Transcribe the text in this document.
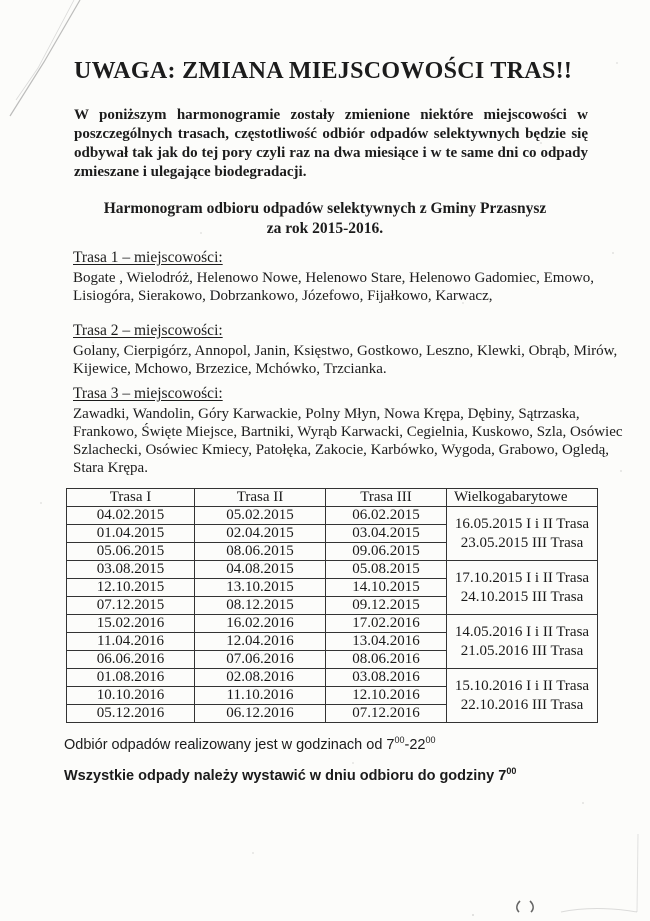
UWAGA: ZMIANA MIEJSCOWOŚCI TRAS!!
W poniższym harmonogramie zostały zmienione niektóre miejscowości w poszczególnych trasach, częstotliwość odbiór odpadów selektywnych będzie się odbywał tak jak do tej pory czyli raz na dwa miesiące i w te same dni co odpady zmieszane i ulegające biodegradacji.
Harmonogram odbioru odpadów selektywnych z Gminy Przasnysz
za rok 2015-2016.
Trasa 1 – miejscowości:
Bogate , Wielodróż, Helenowo Nowe, Helenowo Stare, Helenowo Gadomiec, Emowo,
Lisiogóra, Sierakowo, Dobrzankowo, Józefowo, Fijałkowo, Karwacz,
Trasa 2 – miejscowości:
Golany, Cierpigórz, Annopol, Janin, Księstwo, Gostkowo, Leszno, Klewki, Obrąb, Mirów,
Kijewice, Mchowo, Brzezice, Mchówko, Trzcianka.
Trasa 3 – miejscowości:
Zawadki, Wandolin, Góry Karwackie, Polny Młyn, Nowa Krępa, Dębiny, Sątrzaska,
Frankowo, Święte Miejsce, Bartniki, Wyrąb Karwacki, Cegielnia, Kuskowo, Szla, Osówiec
Szlachecki, Osówiec Kmiecy, Patołęka, Zakocie, Karbówko, Wygoda, Grabowo, Ogledą,
Stara Krępa.
Trasa I	Trasa II	Trasa III	Wielkogabarytowe
04.02.2015	05.02.2015	06.02.2015	16.05.2015 I i II Trasa
23.05.2015 III Trasa

01.04.2015	02.04.2015	03.04.2015	
05.06.2015	08.06.2015	09.06.2015	
03.08.2015	04.08.2015	05.08.2015	17.10.2015 I i II Trasa
24.10.2015 III Trasa

12.10.2015	13.10.2015	14.10.2015	
07.12.2015	08.12.2015	09.12.2015	
15.02.2016	16.02.2016	17.02.2016	14.05.2016 I i II Trasa
21.05.2016 III Trasa

11.04.2016	12.04.2016	13.04.2016	
06.06.2016	07.06.2016	08.06.2016	
01.08.2016	02.08.2016	03.08.2016	15.10.2016 I i II Trasa
22.10.2016 III Trasa

10.10.2016	11.10.2016	12.10.2016	
05.12.2016	06.12.2016	07.12.2016	
Odbiór odpadów realizowany jest w godzinach od $7^{00}-22^{00}$
Wszystkie odpady należy wystawić w dniu odbioru do godziny $7^{00}$
